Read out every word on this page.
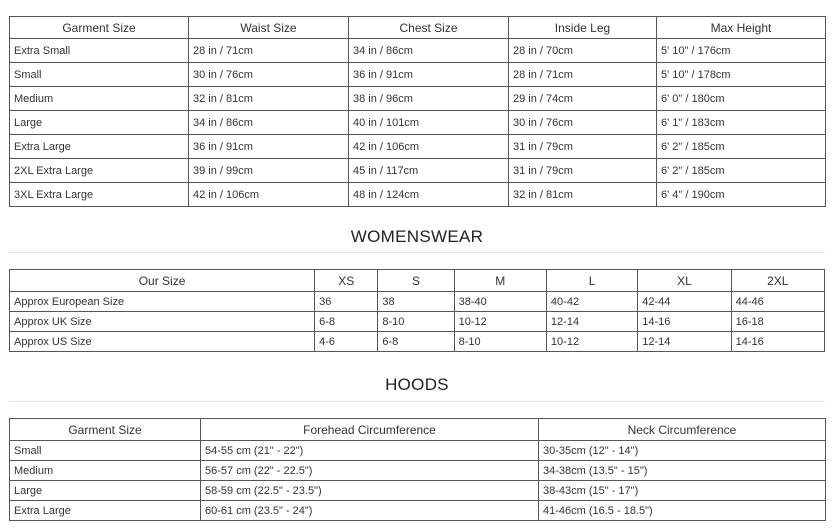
Garment Size	Waist Size	Chest Size	Inside Leg	Max Height
Extra Small	28 in / 71cm	34 in / 86cm	28 in / 70cm	5' 10" / 176cm
Small	30 in / 76cm	36 in / 91cm	28 in / 71cm	5' 10" / 178cm
Medium	32 in / 81cm	38 in / 96cm	29 in / 74cm	6' 0" / 180cm
Large	34 in / 86cm	40 in / 101cm	30 in / 76cm	6' 1" / 183cm
Extra Large	36 in / 91cm	42 in / 106cm	31 in / 79cm	6' 2" / 185cm
2XL Extra Large	39 in / 99cm	45 in / 117cm	31 in / 79cm	6' 2" / 185cm
3XL Extra Large	42 in / 106cm	48 in / 124cm	32 in / 81cm	6' 4" / 190cm
WOMENSWEAR
Our Size	XS	S	M	L	XL	2XL
Approx European Size	36	38	38-40	40-42	42-44	44-46
Approx UK Size	6-8	8-10	10-12	12-14	14-16	16-18
Approx US Size	4-6	6-8	8-10	10-12	12-14	14-16
HOODS
Garment Size	Forehead Circumference	Neck Circumference
Small	54-55 cm (21" - 22")	30-35cm (12" - 14")
Medium	56-57 cm (22" - 22.5")	34-38cm (13.5" - 15")
Large	58-59 cm (22.5" - 23.5")	38-43cm (15" - 17")
Extra Large	60-61 cm (23.5" - 24")	41-46cm (16.5 - 18.5")
